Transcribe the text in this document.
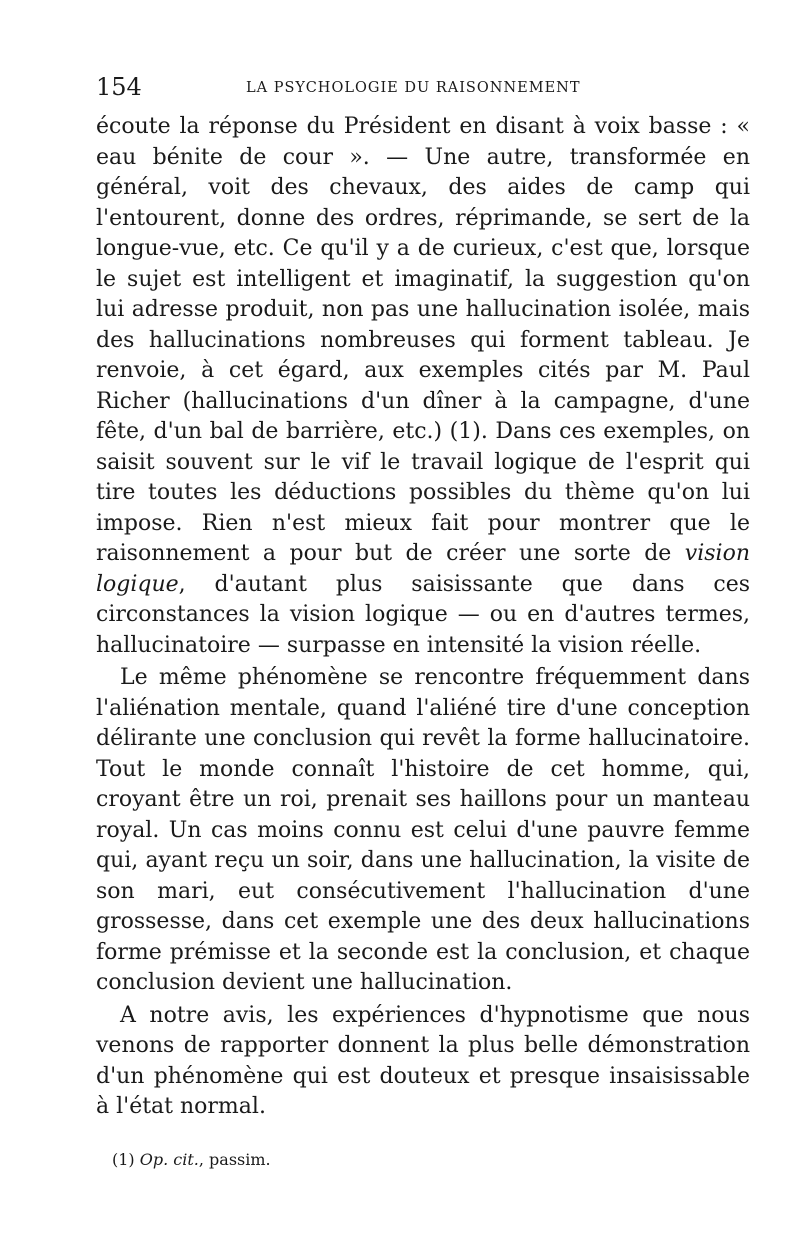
154	LA PSYCHOLOGIE DU RAISONNEMENT

écoute la réponse du Président en disant à voix basse : « eau bénite de cour ». — Une autre, transformée en général, voit des chevaux, des aides de camp qui l'entourent, donne des ordres, réprimande, se sert de la longue-vue, etc. Ce qu'il y a de curieux, c'est que, lorsque le sujet est intelligent et imaginatif, la suggestion qu'on lui adresse produit, non pas une hallucination isolée, mais des hallucinations nombreuses qui forment tableau. Je renvoie, à cet égard, aux exemples cités par M. Paul Richer (hallucinations d'un dîner à la campagne, d'une fête, d'un bal de barrière, etc.) (1). Dans ces exemples, on saisit souvent sur le vif le travail logique de l'esprit qui tire toutes les déductions possibles du thème qu'on lui impose. Rien n'est mieux fait pour montrer que le raisonnement a pour but de créer une sorte de vision logique, d'autant plus saisissante que dans ces circonstances la vision logique — ou en d'autres termes, hallucinatoire — surpasse en intensité la vision réelle.

Le même phénomène se rencontre fréquemment dans l'aliénation mentale, quand l'aliéné tire d'une conception délirante une conclusion qui revêt la forme hallucinatoire. Tout le monde connaît l'histoire de cet homme, qui, croyant être un roi, prenait ses haillons pour un manteau royal. Un cas moins connu est celui d'une pauvre femme qui, ayant reçu un soir, dans une hallucination, la visite de son mari, eut consécutivement l'hallucination d'une grossesse, dans cet exemple une des deux hallucinations forme prémisse et la seconde est la conclusion, et chaque conclusion devient une hallucination.

A notre avis, les expériences d'hypnotisme que nous venons de rapporter donnent la plus belle démonstration d'un phénomène qui est douteux et presque insaisissable à l'état normal.

(1) Op. cit., passim.
